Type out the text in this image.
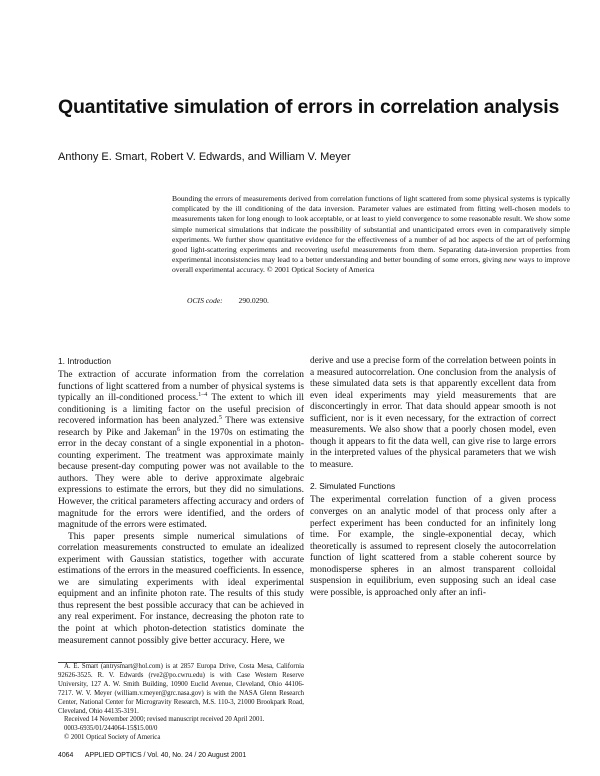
Quantitative simulation of errors in correlation analysis
Anthony E. Smart, Robert V. Edwards, and William V. Meyer

Bounding the errors of measurements derived from correlation functions of light scattered from some physical systems is typically complicated by the ill conditioning of the data inversion. Parameter values are estimated from fitting well-chosen models to measurements taken for long enough to look acceptable, or at least to yield convergence to some reasonable result. We show some simple numerical simulations that indicate the possibility of substantial and unanticipated errors even in comparatively simple experiments. We further show quantitative evidence for the effectiveness of a number of ad hoc aspects of the art of performing good light-scattering experiments and recovering useful measurements from them. Separating data-inversion properties from experimental inconsistencies may lead to a better understanding and better bounding of some errors, giving new ways to improve overall experimental accuracy. © 2001 Optical Society of America

OCIS code: 290.0290.
1. Introduction

The extraction of accurate information from the correlation functions of light scattered from a number of physical systems is typically an ill-conditioned process.$^{1-4}$ The extent to which ill conditioning is a limiting factor on the useful precision of recovered information has been analyzed.$^5$ There was extensive research by Pike and Jakeman$^6$ in the 1970s on estimating the error in the decay constant of a single exponential in a photon-counting experiment. The treatment was approximate mainly because present-day computing power was not available to the authors. They were able to derive approximate algebraic expressions to estimate the errors, but they did no simulations. However, the critical parameters affecting accuracy and orders of magnitude for the errors were identified, and the orders of magnitude of the errors were estimated.

This paper presents simple numerical simulations of correlation measurements constructed to emulate an idealized experiment with Gaussian statistics, together with accurate estimations of the errors in the measured coefficients. In essence, we are simulating experiments with ideal experimental equipment and an infinite photon rate. The results of this study thus represent the best possible accuracy that can be achieved in any real experiment. For instance, decreasing the photon rate to the point at which photon-detection statistics dominate the measurement cannot possibly give better accuracy. Here, we

derive and use a precise form of the correlation between points in a measured autocorrelation. One conclusion from the analysis of these simulated data sets is that apparently excellent data from even ideal experiments may yield measurements that are disconcertingly in error. That data should appear smooth is not sufficient, nor is it even necessary, for the extraction of correct measurements. We also show that a poorly chosen model, even though it appears to fit the data well, can give rise to large errors in the interpreted values of the physical parameters that we wish to measure.

2. Simulated Functions

The experimental correlation function of a given process converges on an analytic model of that process only after a perfect experiment has been conducted for an infinitely long time. For example, the single-exponential decay, which theoretically is assumed to represent closely the autocorrelation function of light scattered from a stable coherent source by monodisperse spheres in an almost transparent colloidal suspension in equilibrium, even supposing such an ideal case were possible, is approached only after an infi-

A. E. Smart (antrysmart@hol.com) is at 2857 Europa Drive, Costa Mesa, California 92626-3525. R. V. Edwards (rve2@po.cwru.edu) is with Case Western Reserve University, 127 A. W. Smith Building, 10900 Euclid Avenue, Cleveland, Ohio 44106-7217. W. V. Meyer (william.v.meyer@grc.nasa.gov) is with the NASA Glenn Research Center, National Center for Microgravity Research, M.S. 110-3, 21000 Brookpark Road, Cleveland, Ohio 44135-3191.

Received 14 November 2000; revised manuscript received 20 April 2001.

0003-6935/01/244064-15$15.00/0

© 2001 Optical Society of America

4064 APPLIED OPTICS / Vol. 40, No. 24 / 20 August 2001
